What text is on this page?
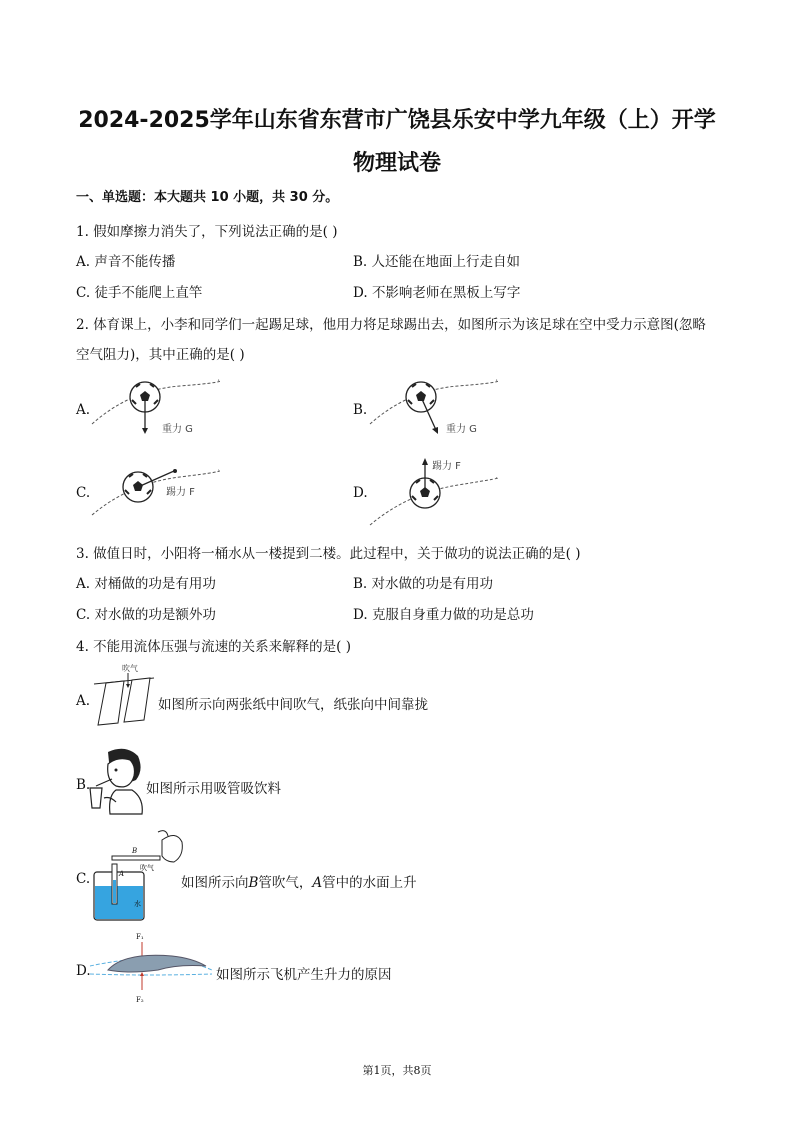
2024-2025学年山东省东营市广饶县乐安中学九年级（上）开学
物理试卷
一、单选题：本大题共 10 小题，共 30 分。
1. 假如摩擦力消失了，下列说法正确的是( )
A. 声音不能传播	B. 人还能在地面上行走自如
C. 徒手不能爬上直竿	D. 不影响老师在黑板上写字
2. 体育课上，小李和同学们一起踢足球，他用力将足球踢出去，如图所示为该足球在空中受力示意图(忽略
空气阻力)，其中正确的是( )
A.
重力 G
B.
重力 G
C.	踢力 F	D.
踢力 F
3. 做值日时，小阳将一桶水从一楼提到二楼。此过程中，关于做功的说法正确的是( )
A. 对桶做的功是有用功	B. 对水做的功是有用功
C. 对水做的功是额外功	D. 克服自身重力做的功是总功
4. 不能用流体压强与流速的关系来解释的是( )
A.
吹气
如图所示向两张纸中间吹气，纸张向中间靠拢
B.	如图所示用吸管吸饮料
C.
水
A
B
吹气
如图所示向B管吹气，A管中的水面上升
D.
F₁
F₂
如图所示飞机产生升力的原因
第1页，共8页
